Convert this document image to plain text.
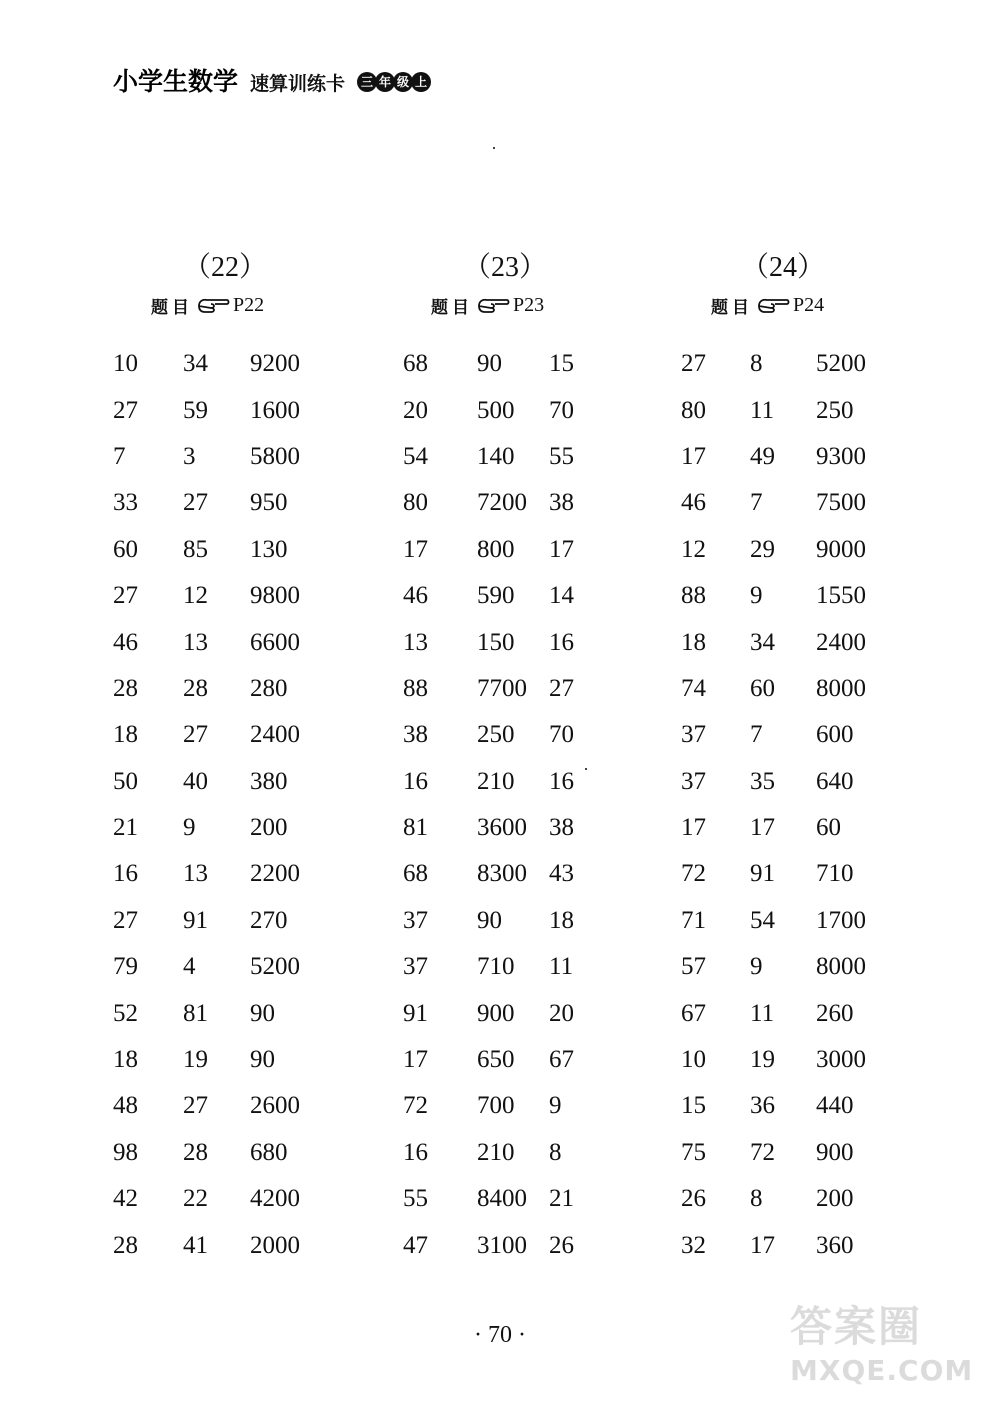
小学生数学 速算训练卡	三 年 级 上
（22）
题目 P22
10	34	9200
27	59	1600
7	3	5800
33	27	950
60	85	130
27	12	9800
46	13	6600
28	28	280
18	27	2400
50	40	380
21	9	200
16	13	2200
27	91	270
79	4	5200
52	81	90
18	19	90
48	27	2600
98	28	680
42	22	4200
28	41	2000
（23）
题目 P23
68	90	15
20	500	70
54	140	55
80	7200 38
17	800	17
46	590	14
13	150	16
88	7700 27
38	250	70
16	210	16
81	3600 38
68	8300 43
37	90	18
37	710	11
91	900	20
17	650	67
72	700	9
16	210	8
55	8400 21
47	3100 26
（24）
题目 P24
27	8	5200
80	11	250
17	49	9300
46	7	7500
12	29	9000
88	9	1550
18	34	2400
74	60	8000
37	7	600
37	35	640
17	17	60
72	91	710
71	54	1700
57	9	8000
67	11	260
10	19	3000
15	36	440
75	72	900
26	8	200
32	17	360
· 70 ·	答案圈
MXQE.COM
